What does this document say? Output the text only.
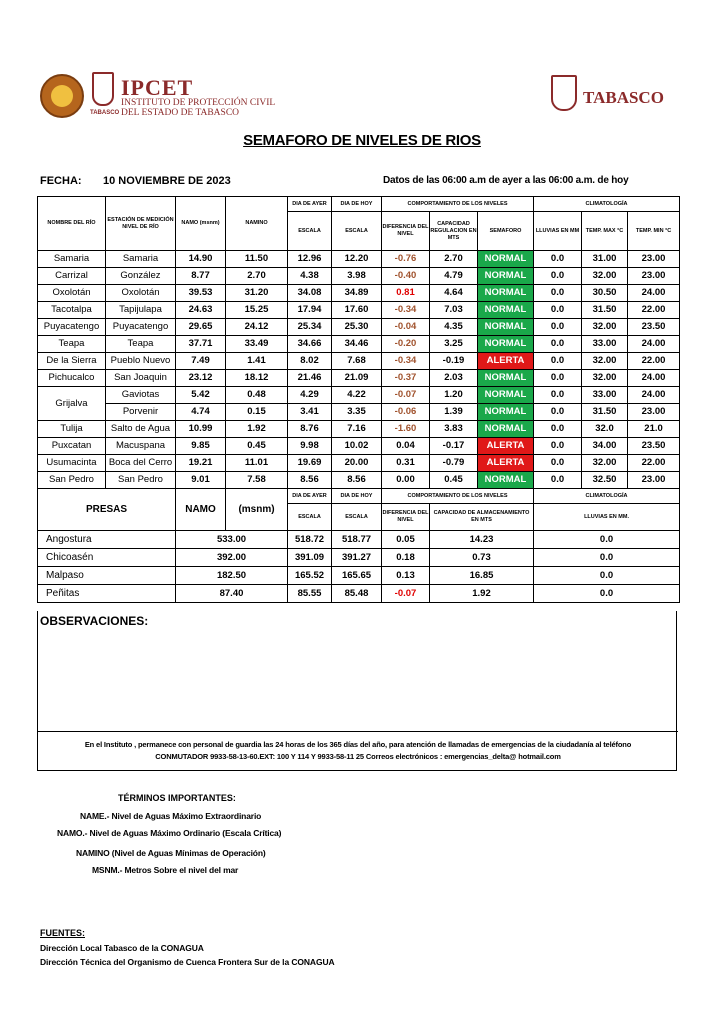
IPCET
INSTITUTO DE PROTECCIÓN CIVIL
DEL ESTADO DE TABASCO
TABASCO
TABASCO
SEMAFORO DE NIVELES DE RIOS
FECHA: 10 NOVIEMBRE DE 2023	Datos de las 06:00 a.m de ayer a las 06:00 a.m. de hoy
NOMBRE DEL RÍO	ESTACIÓN DE MEDICIÓN NIVEL DE RÍO	NAMO (msnm)	NAMINO	DIA DE AYER	DIA DE HOY	COMPORTAMIENTO DE LOS NIVELES			CLIMATOLOGÍA		
				ESCALA	ESCALA	DIFERENCIA DEL NIVEL	CAPACIDAD REGULACION EN MTS	SEMAFORO	LLUVIAS EN MM	TEMP. MAX °C	TEMP. MIN °C
Samaria	Samaria	14.90	11.50	12.96	12.20	-0.76	2.70	NORMAL	0.0	31.00	23.00
Carrizal	González	8.77	2.70	4.38	3.98	-0.40	4.79	NORMAL	0.0	32.00	23.00
Oxolotán	Oxolotán	39.53	31.20	34.08	34.89	0.81	4.64	NORMAL	0.0	30.50	24.00
Tacotalpa	Tapijulapa	24.63	15.25	17.94	17.60	-0.34	7.03	NORMAL	0.0	31.50	22.00
Puyacatengo	Puyacatengo	29.65	24.12	25.34	25.30	-0.04	4.35	NORMAL	0.0	32.00	23.50
Teapa	Teapa	37.71	33.49	34.66	34.46	-0.20	3.25	NORMAL	0.0	33.00	24.00
De la Sierra	Pueblo Nuevo	7.49	1.41	8.02	7.68	-0.34	-0.19	ALERTA	0.0	32.00	22.00
Pichucalco	San Joaquin	23.12	18.12	21.46	21.09	-0.37	2.03	NORMAL	0.0	32.00	24.00
Grijalva	Gaviotas	5.42	0.48	4.29	4.22	-0.07	1.20	NORMAL	0.0	33.00	24.00
	Porvenir	4.74	0.15	3.41	3.35	-0.06	1.39	NORMAL	0.0	31.50	23.00
Tulija	Salto de Agua	10.99	1.92	8.76	7.16	-1.60	3.83	NORMAL	0.0	32.0	21.0
Puxcatan	Macuspana	9.85	0.45	9.98	10.02	0.04	-0.17	ALERTA	0.0	34.00	23.50
Usumacinta	Boca del Cerro	19.21	11.01	19.69	20.00	0.31	-0.79	ALERTA	0.0	32.00	22.00
San Pedro	San Pedro	9.01	7.58	8.56	8.56	0.00	0.45	NORMAL	0.0	32.50	23.00
PRESAS		NAMO	(msnm)	DIA DE AYER	DIA DE HOY	COMPORTAMIENTO DE LOS NIVELES			CLIMATOLOGÍA		
				ESCALA	ESCALA	DIFERENCIA DEL NIVEL	CAPACIDAD DE ALMACENAMIENTO EN MTS		LLUVIAS EN MM.		
Angostura		533.00		518.72	518.77	0.05	14.23		0.0		
Chicoasén		392.00		391.09	391.27	0.18	0.73		0.0		
Malpaso		182.50		165.52	165.65	0.13	16.85		0.0		
Peñitas		87.40		85.55	85.48	-0.07	1.92		0.0		
OBSERVACIONES:
En el Instituto , permanece con personal de guardia las 24 horas de los 365 días del año, para atención de llamadas de emergencias de la ciudadanía al teléfono
CONMUTADOR 9933-58-13-60.EXT: 100 Y 114 Y 9933-58-11 25 Correos electrónicos : emergencias_delta@ hotmail.com
TÉRMINOS IMPORTANTES:
NAME.- Nivel de Aguas Máximo Extraordinario
NAMO.- Nivel de Aguas Máximo Ordinario (Escala Crítica)
NAMINO (Nivel de Aguas Mínimas de Operación)
MSNM.- Metros Sobre el nivel del mar
FUENTES:
Dirección Local Tabasco de la CONAGUA
Dirección Técnica del Organismo de Cuenca Frontera Sur de la CONAGUA
